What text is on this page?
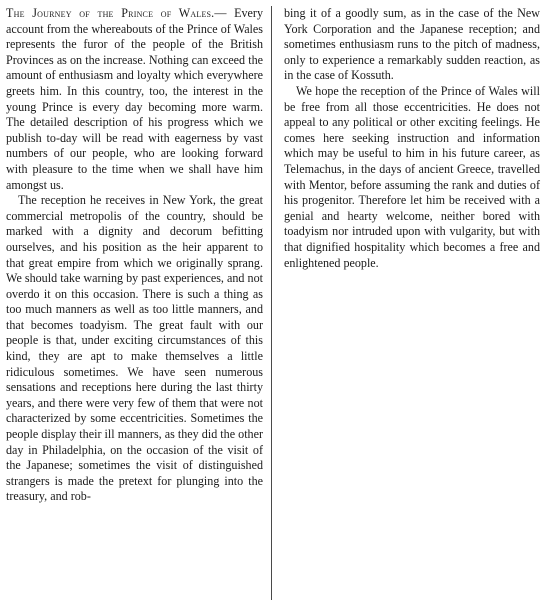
The Journey of the Prince of Wales.— Every account from the whereabouts of the Prince of Wales represents the furor of the people of the British Provinces as on the increase. Nothing can exceed the amount of enthusiasm and loyalty which everywhere greets him. In this country, too, the interest in the young Prince is every day becoming more warm. The detailed description of his progress which we publish to-day will be read with eagerness by vast numbers of our people, who are looking forward with pleasure to the time when we shall have him amongst us.

The reception he receives in New York, the great commercial metropolis of the country, should be marked with a dignity and decorum befitting ourselves, and his position as the heir apparent to that great empire from which we originally sprang. We should take warning by past experiences, and not overdo it on this occasion. There is such a thing as too much manners as well as too little manners, and that becomes toadyism. The great fault with our people is that, under exciting circumstances of this kind, they are apt to make themselves a little ridiculous sometimes. We have seen numerous sensations and receptions here during the last thirty years, and there were very few of them that were not characterized by some eccentricities. Sometimes the people display their ill manners, as they did the other day in Philadelphia, on the occasion of the visit of the Japanese; sometimes the visit of distinguished strangers is made the pretext for plunging into the treasury, and rob-

bing it of a goodly sum, as in the case of the New York Corporation and the Japanese reception; and sometimes enthusiasm runs to the pitch of madness, only to experience a remarkably sudden reaction, as in the case of Kossuth.

We hope the reception of the Prince of Wales will be free from all those eccentricities. He does not appeal to any political or other exciting feelings. He comes here seeking instruction and information which may be useful to him in his future career, as Telemachus, in the days of ancient Greece, travelled with Mentor, before assuming the rank and duties of his progenitor. Therefore let him be received with a genial and hearty welcome, neither bored with toadyism nor intruded upon with vulgarity, but with that dignified hospitality which becomes a free and enlightened people.
